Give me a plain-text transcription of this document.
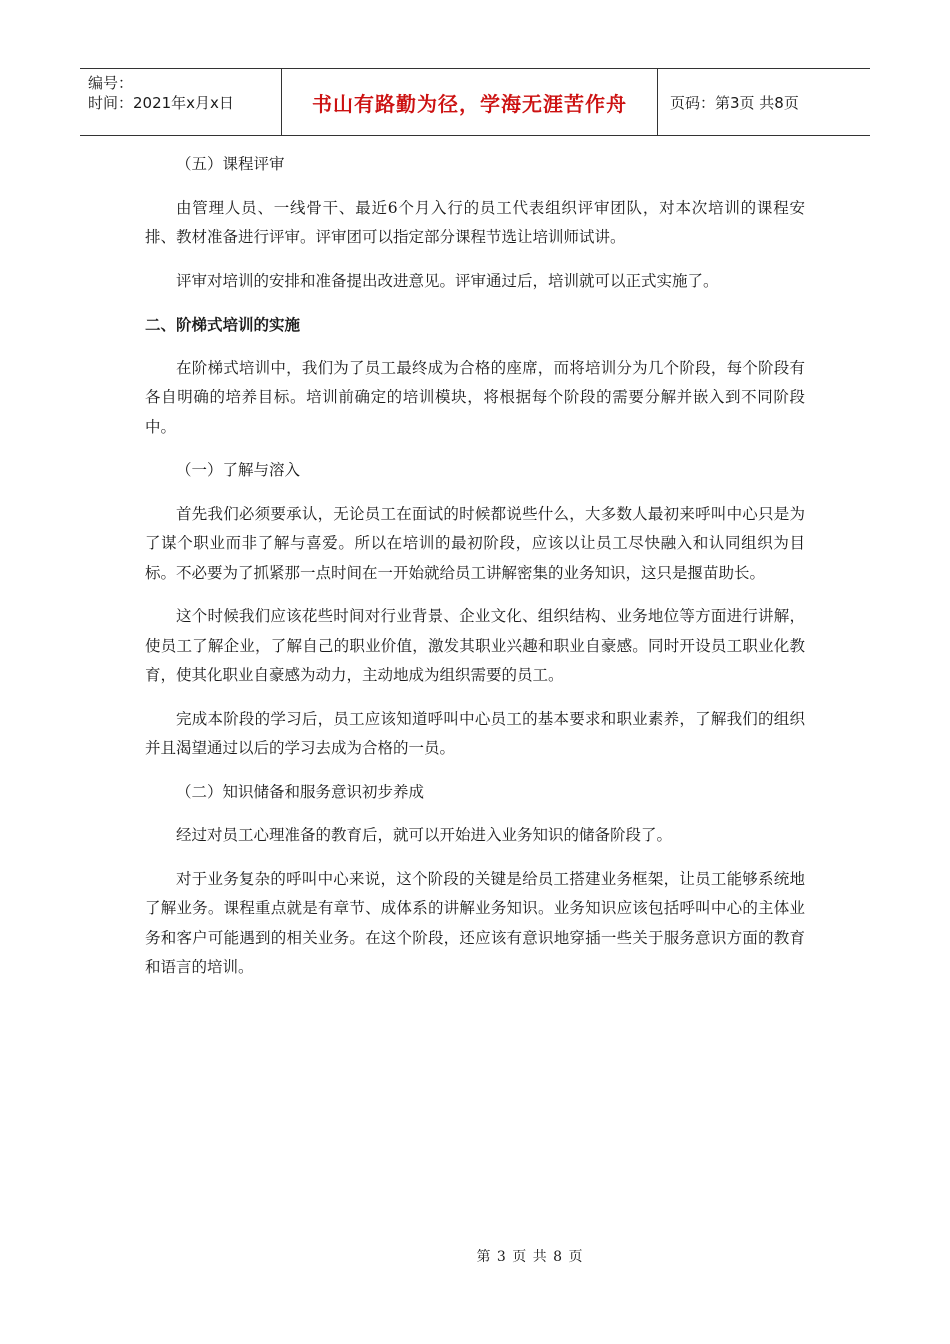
编号：
时间：2021年x月x日	书山有路勤为径，学海无涯苦作舟	页码：第3页 共8页

（五）课程评审

由管理人员、一线骨干、最近6个月入行的员工代表组织评审团队，对本次培训的课程安排、教材准备进行评审。评审团可以指定部分课程节选让培训师试讲。

评审对培训的安排和准备提出改进意见。评审通过后，培训就可以正式实施了。

二、阶梯式培训的实施

在阶梯式培训中，我们为了员工最终成为合格的座席，而将培训分为几个阶段，每个阶段有各自明确的培养目标。培训前确定的培训模块，将根据每个阶段的需要分解并嵌入到不同阶段中。

（一）了解与溶入

首先我们必须要承认，无论员工在面试的时候都说些什么，大多数人最初来呼叫中心只是为了谋个职业而非了解与喜爱。所以在培训的最初阶段，应该以让员工尽快融入和认同组织为目标。不必要为了抓紧那一点时间在一开始就给员工讲解密集的业务知识，这只是揠苗助长。

这个时候我们应该花些时间对行业背景、企业文化、组织结构、业务地位等方面进行讲解，使员工了解企业，了解自己的职业价值，激发其职业兴趣和职业自豪感。同时开设员工职业化教育，使其化职业自豪感为动力，主动地成为组织需要的员工。

完成本阶段的学习后，员工应该知道呼叫中心员工的基本要求和职业素养，了解我们的组织并且渴望通过以后的学习去成为合格的一员。

（二）知识储备和服务意识初步养成

经过对员工心理准备的教育后，就可以开始进入业务知识的储备阶段了。

对于业务复杂的呼叫中心来说，这个阶段的关键是给员工搭建业务框架，让员工能够系统地了解业务。课程重点就是有章节、成体系的讲解业务知识。业务知识应该包括呼叫中心的主体业务和客户可能遇到的相关业务。在这个阶段，还应该有意识地穿插一些关于服务意识方面的教育和语言的培训。

第 3 页 共 8 页
